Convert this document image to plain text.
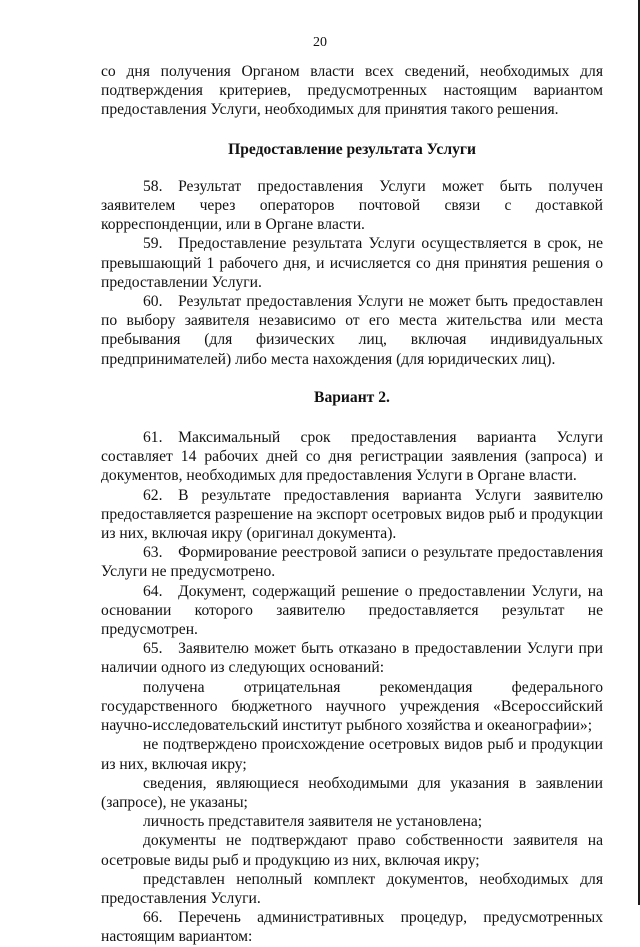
20

со дня получения Органом власти всех сведений, необходимых для подтверждения критериев, предусмотренных настоящим вариантом предоставления Услуги, необходимых для принятия такого решения.

Предоставление результата Услуги

58. Результат предоставления Услуги может быть получен заявителем через операторов почтовой связи с доставкой корреспонденции, или в Органе власти.

59. Предоставление результата Услуги осуществляется в срок, не превышающий 1 рабочего дня, и исчисляется со дня принятия решения о предоставлении Услуги.

60. Результат предоставления Услуги не может быть предоставлен по выбору заявителя независимо от его места жительства или места пребывания (для физических лиц, включая индивидуальных предпринимателей) либо места нахождения (для юридических лиц).

Вариант 2.

61. Максимальный срок предоставления варианта Услуги составляет 14 рабочих дней со дня регистрации заявления (запроса) и документов, необходимых для предоставления Услуги в Органе власти.

62. В результате предоставления варианта Услуги заявителю предоставляется разрешение на экспорт осетровых видов рыб и продукции из них, включая икру (оригинал документа).

63. Формирование реестровой записи о результате предоставления Услуги не предусмотрено.

64. Документ, содержащий решение о предоставлении Услуги, на основании которого заявителю предоставляется результат не предусмотрен.

65. Заявителю может быть отказано в предоставлении Услуги при наличии одного из следующих оснований:

получена отрицательная рекомендация федерального государственного бюджетного научного учреждения «Всероссийский научно-исследовательский институт рыбного хозяйства и океанографии»;

не подтверждено происхождение осетровых видов рыб и продукции из них, включая икру;

сведения, являющиеся необходимыми для указания в заявлении (запросе), не указаны;

личность представителя заявителя не установлена;

документы не подтверждают право собственности заявителя на осетровые виды рыб и продукцию из них, включая икру;

представлен неполный комплект документов, необходимых для предоставления Услуги.

66. Перечень административных процедур, предусмотренных настоящим вариантом:
